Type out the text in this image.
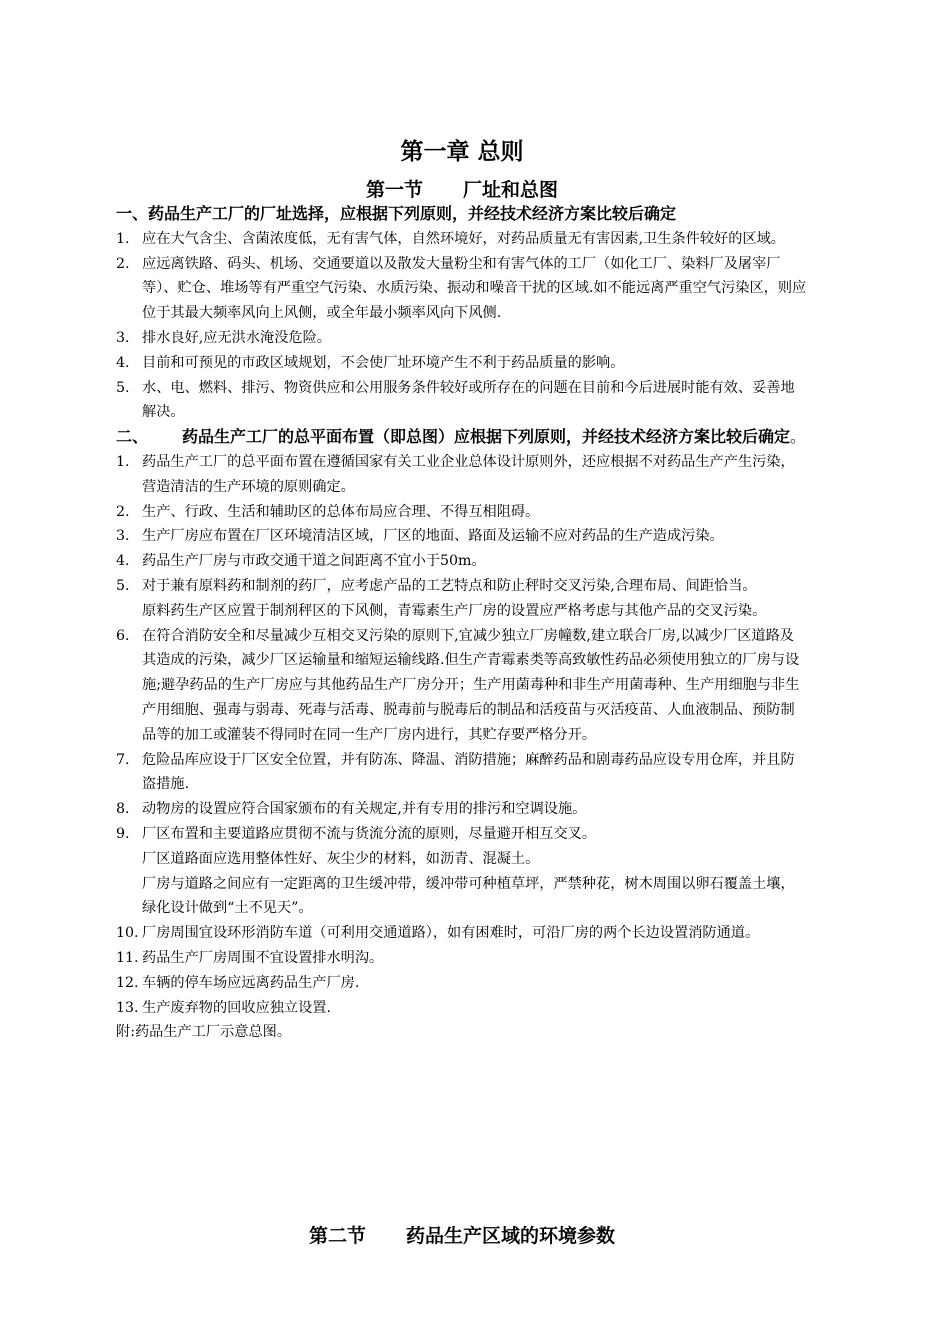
第一章 总则
第一节 厂址和总图
一、药品生产工厂的厂址选择，应根据下列原则，并经技术经济方案比较后确定
1. 应在大气含尘、含菌浓度低，无有害气体，自然环境好，对药品质量无有害因素,卫生条件较好的区域。
2. 应远离铁路、码头、机场、交通要道以及散发大量粉尘和有害气体的工厂（如化工厂、染料厂及屠宰厂等）、贮仓、堆场等有严重空气污染、水质污染、振动和噪音干扰的区域.如不能远离严重空气污染区，则应位于其最大频率风向上风侧，或全年最小频率风向下风侧.
3. 排水良好,应无洪水淹没危险。
4. 目前和可预见的市政区域规划，不会使厂址环境产生不利于药品质量的影响。
5. 水、电、燃料、排污、物资供应和公用服务条件较好或所存在的问题在目前和今后进展时能有效、妥善地解决。
二、 药品生产工厂的总平面布置（即总图）应根据下列原则，并经技术经济方案比较后确定。
1. 药品生产工厂的总平面布置在遵循国家有关工业企业总体设计原则外，还应根据不对药品生产产生污染，营造清洁的生产环境的原则确定。
2. 生产、行政、生活和辅助区的总体布局应合理、不得互相阻碍。
3. 生产厂房应布置在厂区环境清洁区域，厂区的地面、路面及运输不应对药品的生产造成污染。
4. 药品生产厂房与市政交通干道之间距离不宜小于50m。
5. 对于兼有原料药和制剂的药厂，应考虑产品的工艺特点和防止秤时交叉污染,合理布局、间距恰当。
原料药生产区应置于制剂秤区的下风侧，青霉素生产厂房的设置应严格考虑与其他产品的交叉污染。
6. 在符合消防安全和尽量减少互相交叉污染的原则下,宜减少独立厂房幢数,建立联合厂房,以减少厂区道路及其造成的污染，减少厂区运输量和缩短运输线路.但生产青霉素类等高致敏性药品必须使用独立的厂房与设施;避孕药品的生产厂房应与其他药品生产厂房分开；生产用菌毒种和非生产用菌毒种、生产用细胞与非生产用细胞、强毒与弱毒、死毒与活毒、脱毒前与脱毒后的制品和活疫苗与灭活疫苗、人血液制品、预防制品等的加工或灌装不得同时在同一生产厂房内进行，其贮存要严格分开。
7. 危险品库应设于厂区安全位置，并有防冻、降温、消防措施；麻醉药品和剧毒药品应设专用仓库，并且防盗措施.
8. 动物房的设置应符合国家颁布的有关规定,并有专用的排污和空调设施。
9. 厂区布置和主要道路应贯彻不流与货流分流的原则，尽量避开相互交叉。
厂区道路面应选用整体性好、灰尘少的材料，如沥青、混凝土。
厂房与道路之间应有一定距离的卫生缓冲带，缓冲带可种植草坪，严禁种花，树木周围以卵石覆盖土壤，绿化设计做到“土不见天”。
10. 厂房周围宜设环形消防车道（可利用交通道路），如有困难时，可沿厂房的两个长边设置消防通道。
11. 药品生产厂房周围不宜设置排水明沟。
12. 车辆的停车场应远离药品生产厂房.
13. 生产废弃物的回收应独立设置.
附:药品生产工厂示意总图。
第二节 药品生产区域的环境参数
